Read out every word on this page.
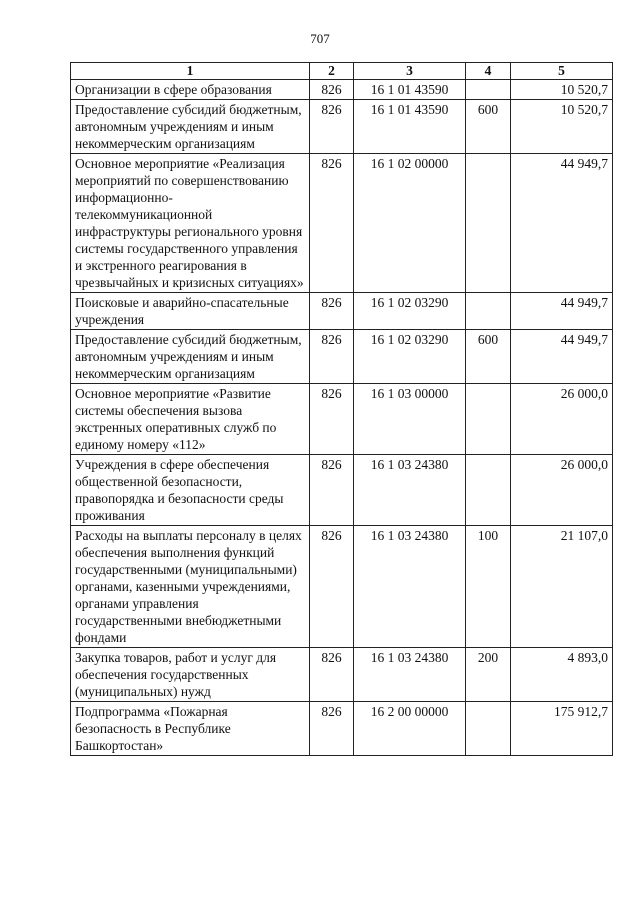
707
1	2	3	4	5
Организации в сфере образования	826	16 1 01 43590		10 520,7
Предоставление субсидий бюджетным, автономным учреждениям и иным некоммерческим организациям	826	16 1 01 43590	600	10 520,7
Основное мероприятие «Реализация мероприятий по совершенствованию информационно-телекоммуникационной инфраструктуры регионального уровня системы государственного управления и экстренного реагирования в чрезвычайных и кризисных ситуациях»	826	16 1 02 00000		44 949,7
Поисковые и аварийно-спасательные учреждения	826	16 1 02 03290		44 949,7
Предоставление субсидий бюджетным, автономным учреждениям и иным некоммерческим организациям	826	16 1 02 03290	600	44 949,7
Основное мероприятие «Развитие системы обеспечения вызова экстренных оперативных служб по единому номеру «112»	826	16 1 03 00000		26 000,0
Учреждения в сфере обеспечения общественной безопасности, правопорядка и безопасности среды проживания	826	16 1 03 24380		26 000,0
Расходы на выплаты персоналу в целях обеспечения выполнения функций государственными (муниципальными) органами, казенными учреждениями, органами управления государственными внебюджетными фондами	826	16 1 03 24380	100	21 107,0
Закупка товаров, работ и услуг для обеспечения государственных (муниципальных) нужд	826	16 1 03 24380	200	4 893,0
Подпрограмма «Пожарная безопасность в Республике Башкортостан»	826	16 2 00 00000		175 912,7
